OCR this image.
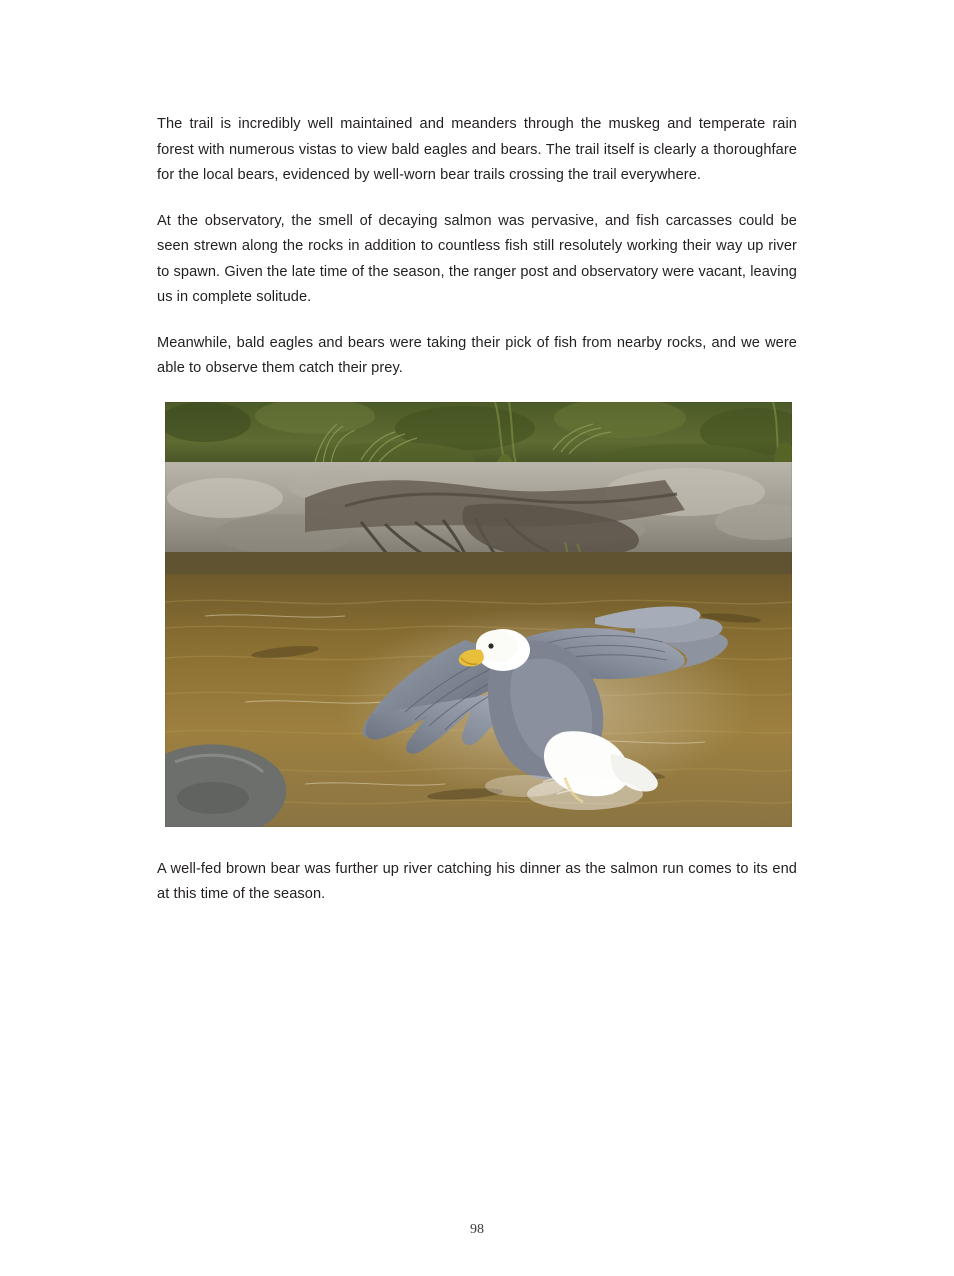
The trail is incredibly well maintained and meanders through the muskeg and temperate rain forest with numerous vistas to view bald eagles and bears. The trail itself is clearly a thoroughfare for the local bears, evidenced by well-worn bear trails crossing the trail everywhere.

At the observatory, the smell of decaying salmon was pervasive, and fish carcasses could be seen strewn along the rocks in addition to countless fish still resolutely working their way up river to spawn. Given the late time of the season, the ranger post and observatory were vacant, leaving us in complete solitude.

Meanwhile, bald eagles and bears were taking their pick of fish from nearby rocks, and we were able to observe them catch their prey.

A well-fed brown bear was further up river catching his dinner as the salmon run comes to its end at this time of the season.

98
